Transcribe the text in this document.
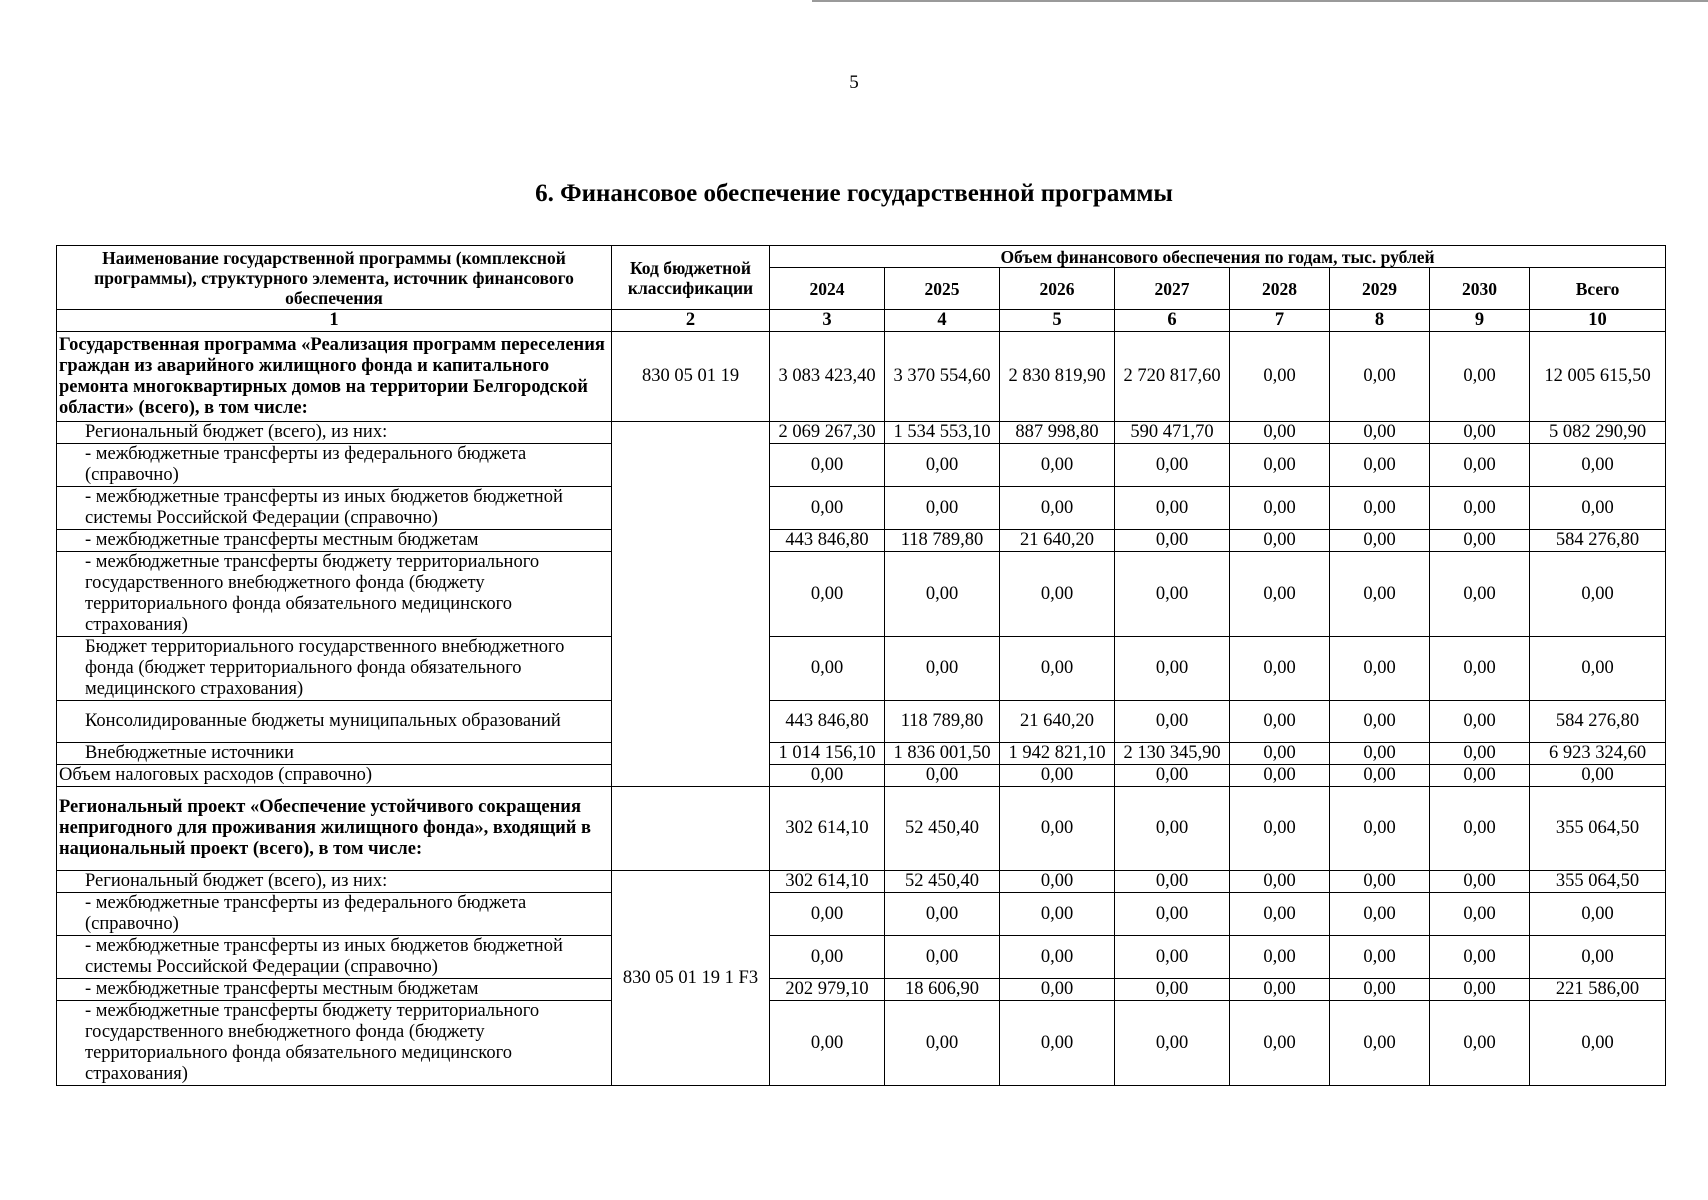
5
6. Финансовое обеспечение государственной программы
Наименование государственной программы (комплексной программы), структурного элемента, источник финансового обеспечения	Код бюджетной классификации	Объем финансового обеспечения по годам, тыс. рублей							
		2024	2025	2026	2027	2028	2029	2030	Всего
1	2	3	4	5	6	7	8	9	10
Государственная программа «Реализация программ переселения граждан из аварийного жилищного фонда и капитального ремонта многоквартирных домов на территории Белгородской области» (всего), в том числе:	830 05 01 19	3 083 423,40	3 370 554,60	2 830 819,90	2 720 817,60	0,00	0,00	0,00	12 005 615,50
Региональный бюджет (всего), из них:		2 069 267,30	1 534 553,10	887 998,80	590 471,70	0,00	0,00	0,00	5 082 290,90
- межбюджетные трансферты из федерального бюджета (справочно)		0,00	0,00	0,00	0,00	0,00	0,00	0,00	0,00
- межбюджетные трансферты из иных бюджетов бюджетной системы Российской Федерации (справочно)		0,00	0,00	0,00	0,00	0,00	0,00	0,00	0,00
- межбюджетные трансферты местным бюджетам		443 846,80	118 789,80	21 640,20	0,00	0,00	0,00	0,00	584 276,80
- межбюджетные трансферты бюджету территориального государственного внебюджетного фонда (бюджету территориального фонда обязательного медицинского страхования)		0,00	0,00	0,00	0,00	0,00	0,00	0,00	0,00
Бюджет территориального государственного внебюджетного фонда (бюджет территориального фонда обязательного медицинского страхования)		0,00	0,00	0,00	0,00	0,00	0,00	0,00	0,00
Консолидированные бюджеты муниципальных образований		443 846,80	118 789,80	21 640,20	0,00	0,00	0,00	0,00	584 276,80
Внебюджетные источники		1 014 156,10	1 836 001,50	1 942 821,10	2 130 345,90	0,00	0,00	0,00	6 923 324,60
Объем налоговых расходов (справочно)		0,00	0,00	0,00	0,00	0,00	0,00	0,00	0,00
Региональный проект «Обеспечение устойчивого сокращения непригодного для проживания жилищного фонда», входящий в национальный проект (всего), в том числе:		302 614,10	52 450,40	0,00	0,00	0,00	0,00	0,00	355 064,50
Региональный бюджет (всего), из них:	830 05 01 19 1 F3	302 614,10	52 450,40	0,00	0,00	0,00	0,00	0,00	355 064,50
- межбюджетные трансферты из федерального бюджета (справочно)		0,00	0,00	0,00	0,00	0,00	0,00	0,00	0,00
- межбюджетные трансферты из иных бюджетов бюджетной системы Российской Федерации (справочно)		0,00	0,00	0,00	0,00	0,00	0,00	0,00	0,00
- межбюджетные трансферты местным бюджетам		202 979,10	18 606,90	0,00	0,00	0,00	0,00	0,00	221 586,00
- межбюджетные трансферты бюджету территориального государственного внебюджетного фонда (бюджету территориального фонда обязательного медицинского страхования)		0,00	0,00	0,00	0,00	0,00	0,00	0,00	0,00
